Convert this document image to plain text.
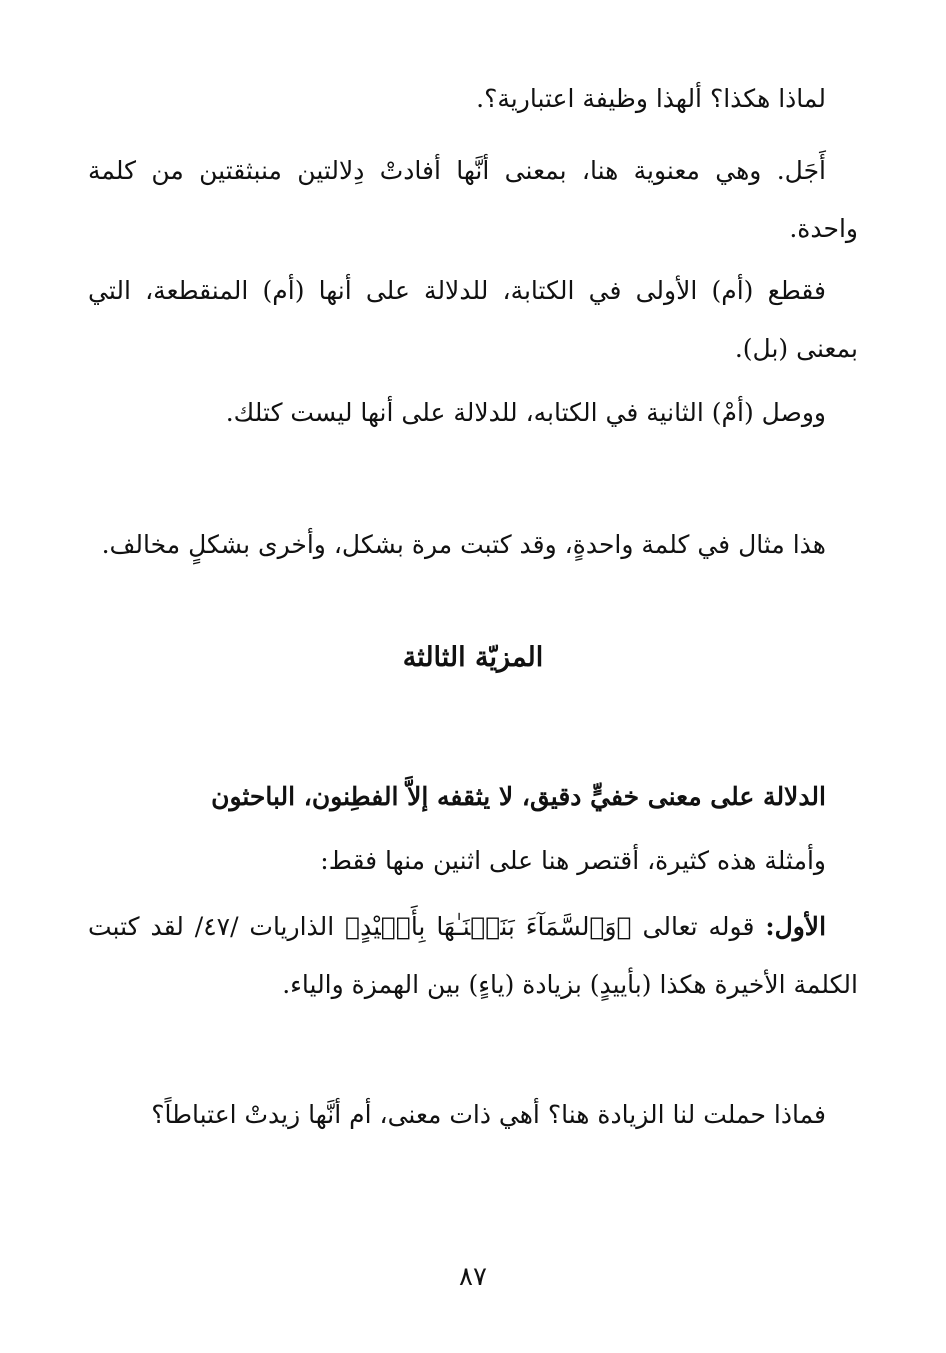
لماذا هكذا؟ ألهذا وظيفة اعتبارية؟.

أَجَل. وهي معنوية هنا، بمعنى أنَّها أفادتْ دِلالتين منبثقتين من كلمة واحدة.

فقطع (أم) الأولى في الكتابة، للدلالة على أنها (أم) المنقطعة، التي بمعنى (بل).

ووصل (أمْ) الثانية في الكتابه، للدلالة على أنها ليست كتلك.

هذا مثال في كلمة واحدةٍ، وقد كتبت مرة بشكل، وأخرى بشكلٍ مخالف.

المزيّة الثالثة

الدلالة على معنى خفيٍّ دقيق، لا يثقفه إلاَّ الفطِنون، الباحثون

وأمثلة هذه كثيرة، أقتصر هنا على اثنين منها فقط:

الأول: قوله تعالى ﴿وَٱلسَّمَآءَ بَنَيۡنَـٰهَا بِأَيۡيْدٍ﴾ الذاريات /٤٧/ لقد كتبت الكلمة الأخيرة هكذا (بأييدٍ) بزيادة (ياءٍ) بين الهمزة والياء.

فماذا حملت لنا الزيادة هنا؟ أهي ذات معنى، أم أنَّها زيدتْ اعتباطاً؟

٨٧
